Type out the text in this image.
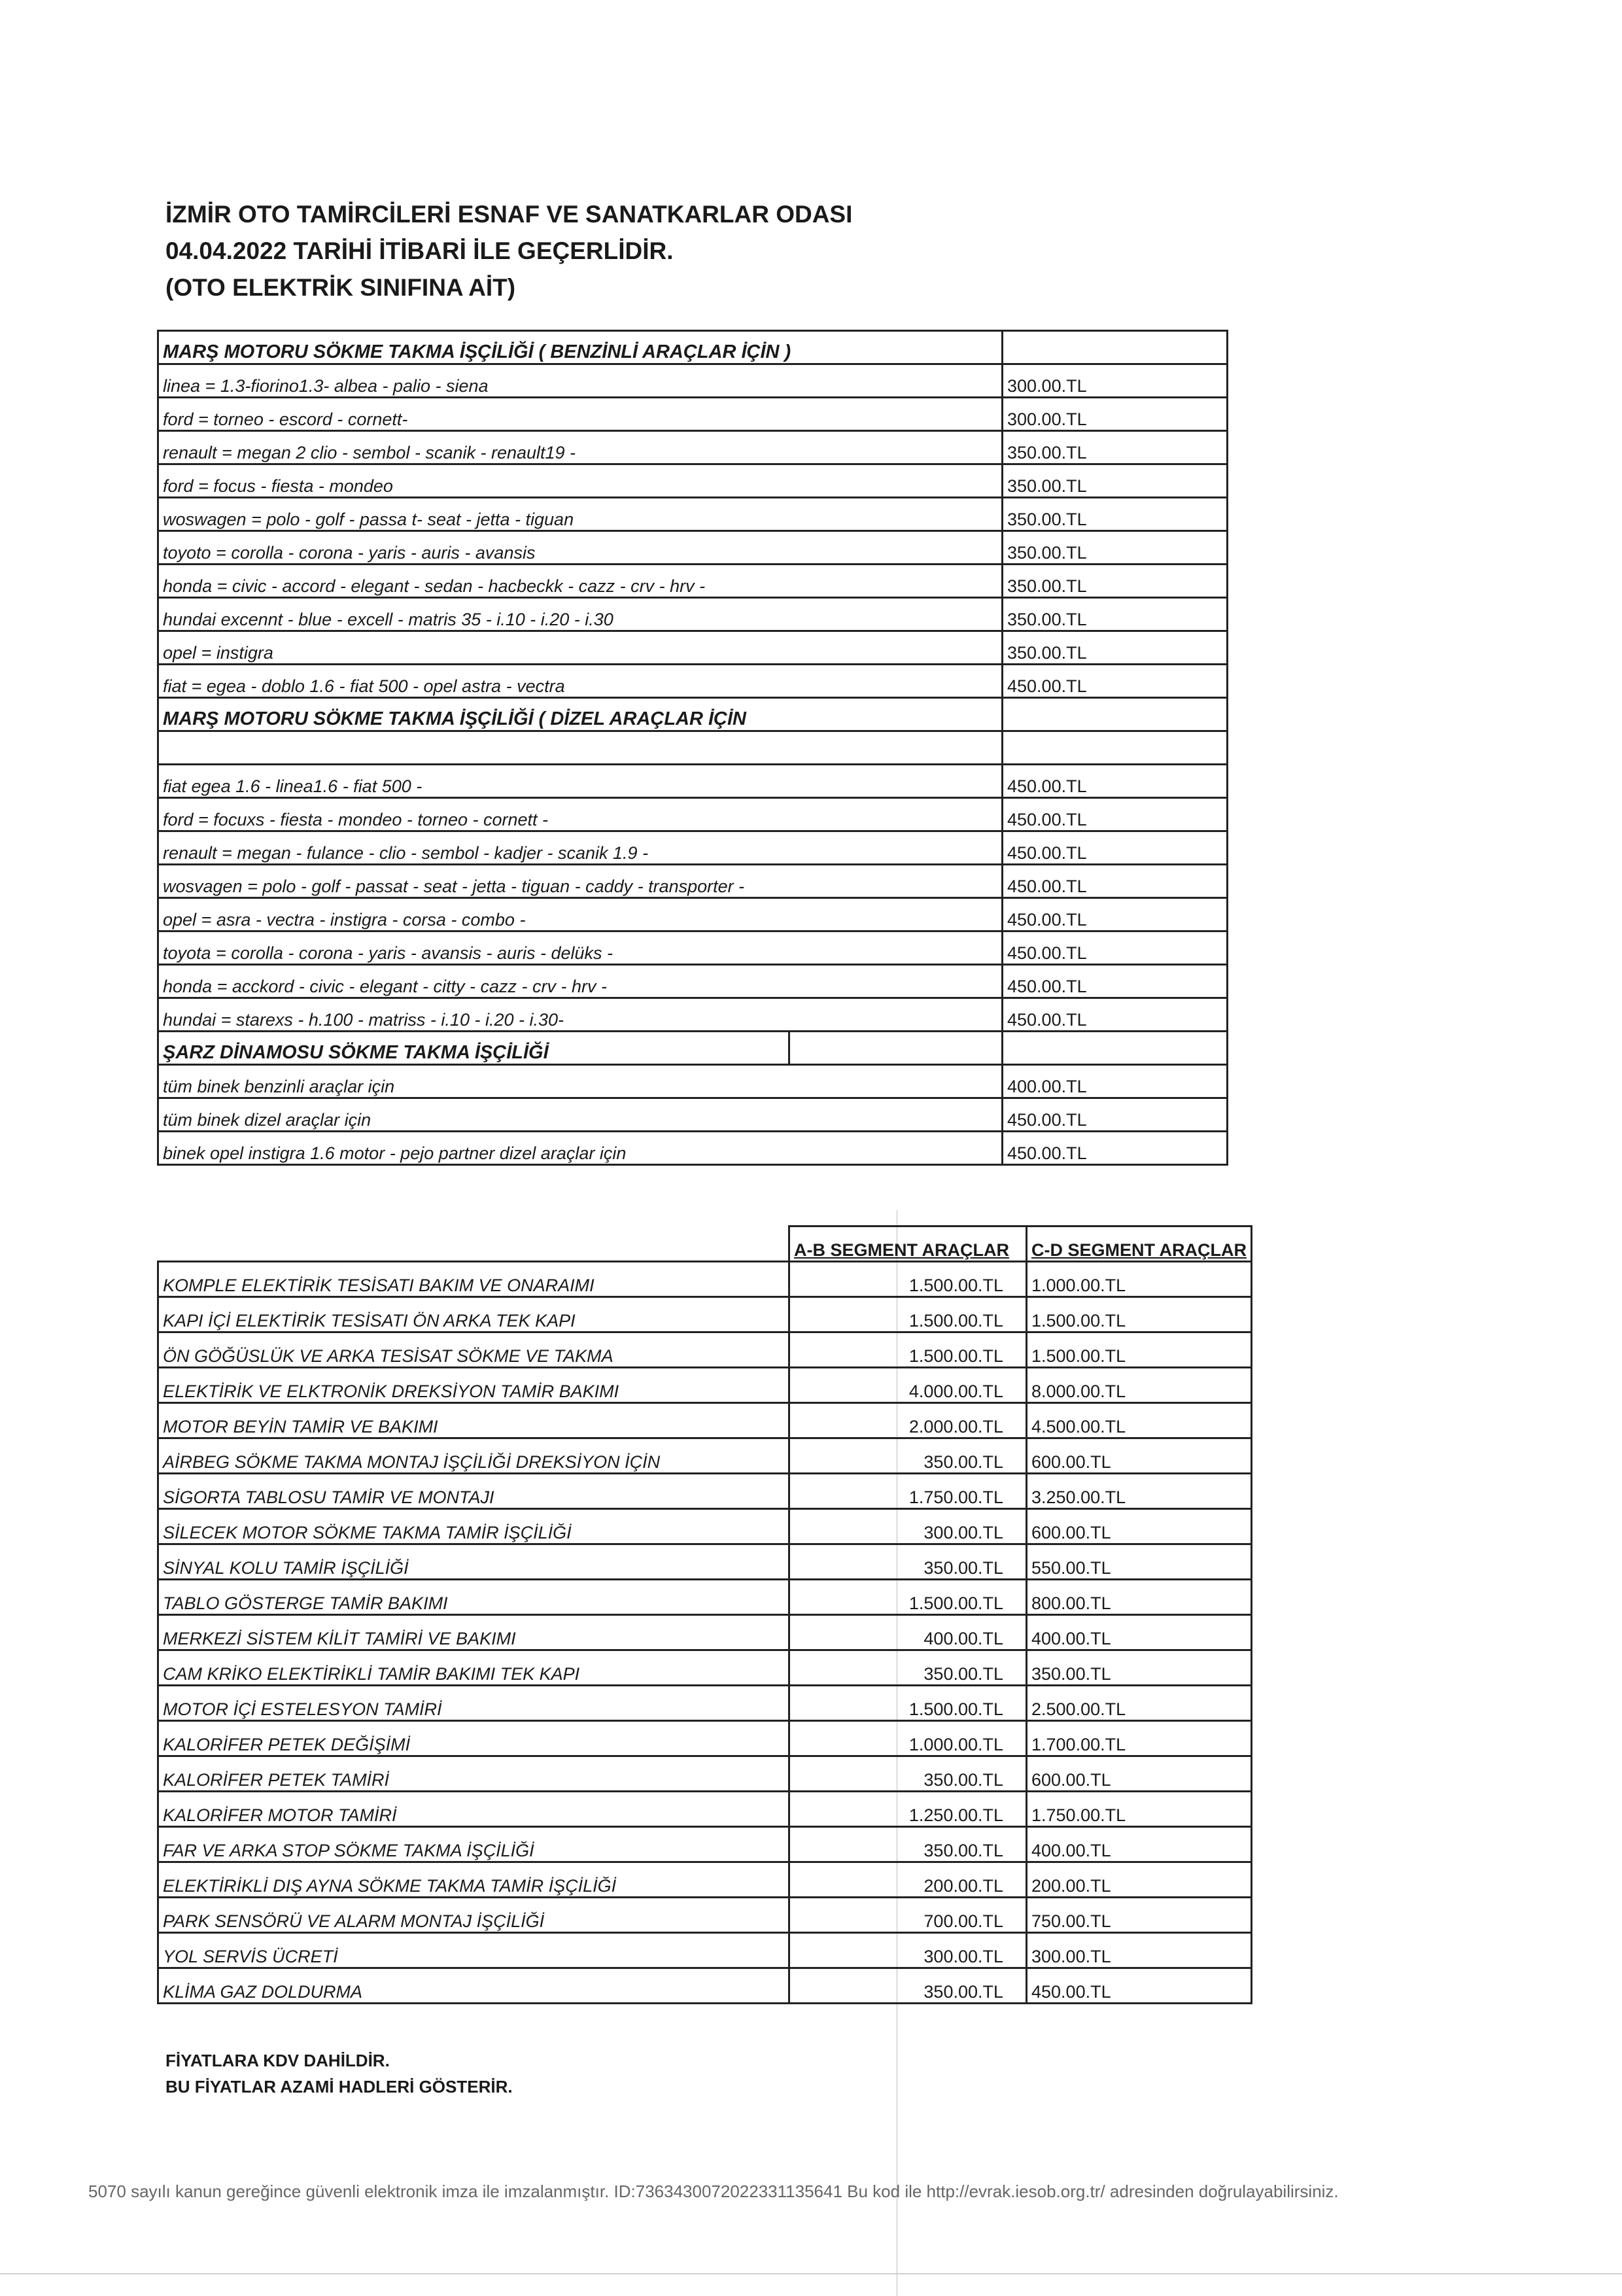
İZMİR OTO TAMİRCİLERİ ESNAF VE SANATKARLAR ODASI
04.04.2022 TARİHİ İTİBARİ İLE GEÇERLİDİR.
(OTO ELEKTRİK SINIFINA AİT)
MARŞ MOTORU SÖKME TAKMA İŞÇİLİĞİ ( BENZİNLİ ARAÇLAR İÇİN )		
linea = 1.3-fiorino1.3- albea - palio - siena		300.00.TL
ford = torneo - escord - cornett-		300.00.TL
renault = megan 2 clio - sembol - scanik - renault19 -		350.00.TL
ford = focus - fiesta - mondeo		350.00.TL
woswagen = polo - golf - passa t- seat - jetta - tiguan		350.00.TL
toyoto = corolla - corona - yaris - auris - avansis		350.00.TL
honda = civic - accord - elegant - sedan - hacbeckk - cazz - crv - hrv -		350.00.TL
hundai excennt - blue - excell - matris 35 - i.10 - i.20 - i.30		350.00.TL
opel = instigra		350.00.TL
fiat = egea - doblo 1.6 - fiat 500 - opel astra - vectra		450.00.TL
MARŞ MOTORU SÖKME TAKMA İŞÇİLİĞİ ( DİZEL ARAÇLAR İÇİN		

fiat egea 1.6 - linea1.6 - fiat 500 -		450.00.TL
ford = focuxs - fiesta - mondeo - torneo - cornett -		450.00.TL
renault = megan - fulance - clio - sembol - kadjer - scanik 1.9 -		450.00.TL
wosvagen = polo - golf - passat - seat - jetta - tiguan - caddy - transporter -		450.00.TL
opel = asra - vectra - instigra - corsa - combo -		450.00.TL
toyota = corolla - corona - yaris - avansis - auris - delüks -		450.00.TL
honda = acckord - civic - elegant - citty - cazz - crv - hrv -		450.00.TL
hundai = starexs - h.100 - matriss - i.10 - i.20 - i.30-		450.00.TL
ŞARZ DİNAMOSU SÖKME TAKMA İŞÇİLİĞİ		
tüm binek benzinli araçlar için		400.00.TL
tüm binek dizel araçlar için		450.00.TL
binek opel instigra 1.6 motor - pejo partner dizel araçlar için		450.00.TL
	A-B SEGMENT ARAÇLAR	C-D SEGMENT ARAÇLAR
KOMPLE ELEKTİRİK TESİSATI BAKIM VE ONARAIMI	1.500.00.TL	1.000.00.TL
KAPI İÇİ ELEKTİRİK TESİSATI ÖN ARKA TEK KAPI	1.500.00.TL	1.500.00.TL
ÖN GÖĞÜSLÜK VE ARKA TESİSAT SÖKME VE TAKMA	1.500.00.TL	1.500.00.TL
ELEKTİRİK VE ELKTRONİK DREKSİYON TAMİR BAKIMI	4.000.00.TL	8.000.00.TL
MOTOR BEYİN TAMİR VE BAKIMI	2.000.00.TL	4.500.00.TL
AİRBEG SÖKME TAKMA MONTAJ İŞÇİLİĞİ DREKSİYON İÇİN	350.00.TL	600.00.TL
SİGORTA TABLOSU TAMİR VE MONTAJI	1.750.00.TL	3.250.00.TL
SİLECEK MOTOR SÖKME TAKMA TAMİR İŞÇİLİĞİ	300.00.TL	600.00.TL
SİNYAL KOLU TAMİR İŞÇİLİĞİ	350.00.TL	550.00.TL
TABLO GÖSTERGE TAMİR BAKIMI	1.500.00.TL	800.00.TL
MERKEZİ SİSTEM KİLİT TAMİRİ VE BAKIMI	400.00.TL	400.00.TL
CAM KRİKO ELEKTİRİKLİ TAMİR BAKIMI TEK KAPI	350.00.TL	350.00.TL
MOTOR İÇİ ESTELESYON TAMİRİ	1.500.00.TL	2.500.00.TL
KALORİFER PETEK DEĞİŞİMİ	1.000.00.TL	1.700.00.TL
KALORİFER PETEK TAMİRİ	350.00.TL	600.00.TL
KALORİFER MOTOR TAMİRİ	1.250.00.TL	1.750.00.TL
FAR VE ARKA STOP SÖKME TAKMA İŞÇİLİĞİ	350.00.TL	400.00.TL
ELEKTİRİKLİ DIŞ AYNA SÖKME TAKMA TAMİR İŞÇİLİĞİ	200.00.TL	200.00.TL
PARK SENSÖRÜ VE ALARM MONTAJ İŞÇİLİĞİ	700.00.TL	750.00.TL
YOL SERVİS ÜCRETİ	300.00.TL	300.00.TL
KLİMA GAZ DOLDURMA	350.00.TL	450.00.TL
FİYATLARA KDV DAHİLDİR.
BU FİYATLAR AZAMİ HADLERİ GÖSTERİR.
5070 sayılı kanun gereğince güvenli elektronik imza ile imzalanmıştır. ID:7363430072022331135641 Bu kod ile http://evrak.iesob.org.tr/ adresinden doğrulayabilirsiniz.
